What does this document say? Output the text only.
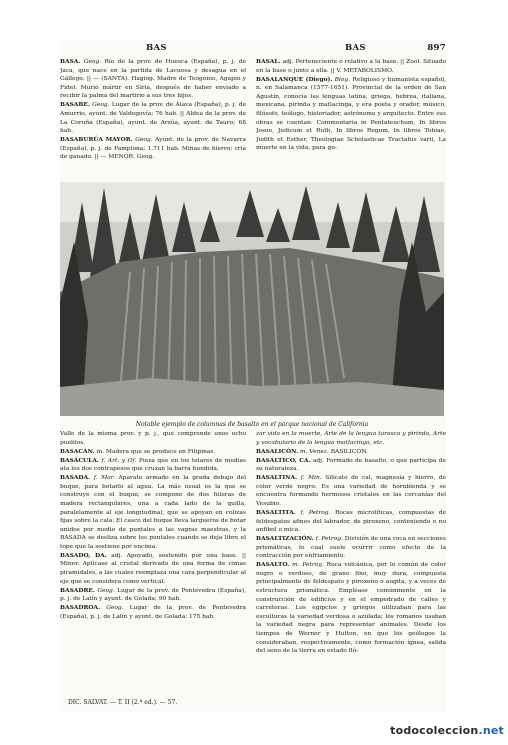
BAS	BAS	897

BASA. Geog. Río de la prov. de Huesca (España), p. j. de Jaca, que nace en la partida de Lacuesa y desagua en el Gállego. || — (SANTA). Hagiog. Madre de Teogonio, Agapio y Fidel. Murió mártir en Siria, después de haber enviado a recibir la palma del martirio a sus tres hijos.

BASABE. Geog. Lugar de la prov. de Álava (España), p. j. de Amurrio, ayunt. de Valdegovía; 76 hab. || Aldea de la prov. de La Coruña (España), ayunt. de Arzúa, ayunt. de Tauro; 68 hab.

BASABURÚA MAYOR. Geog. Ayunt. de la prov. de Navarra (España), p. j. de Pamplona; 1.711 hab. Minas de hierro; cría de ganado. || — MENOR. Geog.

BASAL. adj. Perteneciente o relativo a la base. || Zool. Situado en la base o junto a ella. || V. METABOLISMO.

BASALANQUE (Diego). Biog. Religioso y humanista español, n. en Salamanca (1577-1651). Provincial de la orden de San Agustín, conocía las lenguas latina, griega, hebrea, italiana, mexicana, pirinda y matlacinga, y era poeta y orador, músico, filósofo, teólogo, historiador, astrónomo y arquitecto. Entre sus obras se cuentan: Commentaria in Pentateuchum, In libros Josue, Judicum et Ruth, In libros Regum, In libros Tobiae, Judith et Esther, Theologiae Scholasticae Tractatus varii, La muerte en la vida, para go-

Notable ejemplo de columnas de basalto en el parque nacional de California

Valle de la misma prov. y p. j., que comprende unos ocho pueblos.

BASACÁN. m. Madera que se produce en Filipinas.

BASÁCULA. f. Art. y Of. Pieza que en los telares de medias ata los dos contrapesos que cruzan la barra hundida.

BASADA. f. Mar. Aparato armado en la grada debajo del buque, para botarlo al agua. La más usual es la que se construye con el buque; se compone de dos hileras de madera rectangulares, una a cada lado de la quilla, paralelamente al eje longitudinal, que se apoyan en colizas fijas sobre la cala. El casco del buque lleva largueros de botar unidos por medio de puntales a las vagras maestras, y la BASADA se desliza sobre los puntales cuando se deja libre el tope que la sostiene por encima.

BASADO, DA. adj. Apoyado, sostenido por una base. || Miner. Aplícase al cristal derivado de una forma de cimas piramidales, a las cuales reemplaza una cara perpendicular al eje que se considera como vertical.

BASADRE. Geog. Lugar de la prov. de Pontevedra (España), p. j. de Lalín y ayunt. de Golada; 90 hab.

BASADROA. Geog. Lugar de la prov. de Pontevedra (España), p. j. de Lalín y ayunt. de Golada; 175 hab.

zar vida en la muerte, Arte de la lengua tarasca y pirinda, Arte y vocabulario de la lengua matlacinga, etc.

BASALICÓN. m. Venez. BASILICÓN.

BASÁLTICO, CA. adj. Formado de basalto, o que participa de su naturaleza.

BASALTINA. f. Min. Silicato de cal, magnesia y hierro, de color verde negro. Es una variedad de hornblenda y se encuentra formando hermosos cristales en las cercanías del Vesubio.

BASALTITA. f. Petrog. Rocas microlíticas, compuestas de feldespatos afines del labrador, de piroxeno, conteniendo o no anfíbol o mica.

BASALTIZACIÓN. f. Petrog. División de una roca en secciones prismáticas, lo cual suele ocurrir como efecto de la contracción por enfriamiento.

BASALTO. m. Petrog. Roca volcánica, por lo común de color negro o verdoso, de grano fino, muy dura, compuesta principalmente de feldespato y piroxeno o augita, y a veces de estructura prismática. Empléase comúnmente en la construcción de edificios y en el empedrado de calles y carreteras. Los egipcios y griegos utilizaban para las esculturas la variedad verdosa o azulada; los romanos usaban la variedad negra para representar animales. Desde los tiempos de Werner y Hutton, en que los geólogos la consideraban, respectivamente, como formación ígnea, salida del seno de la tierra en estado flú-

DIC. SALVAT. — T. II (2.ª ed.). — 57.
todocoleccion.net
